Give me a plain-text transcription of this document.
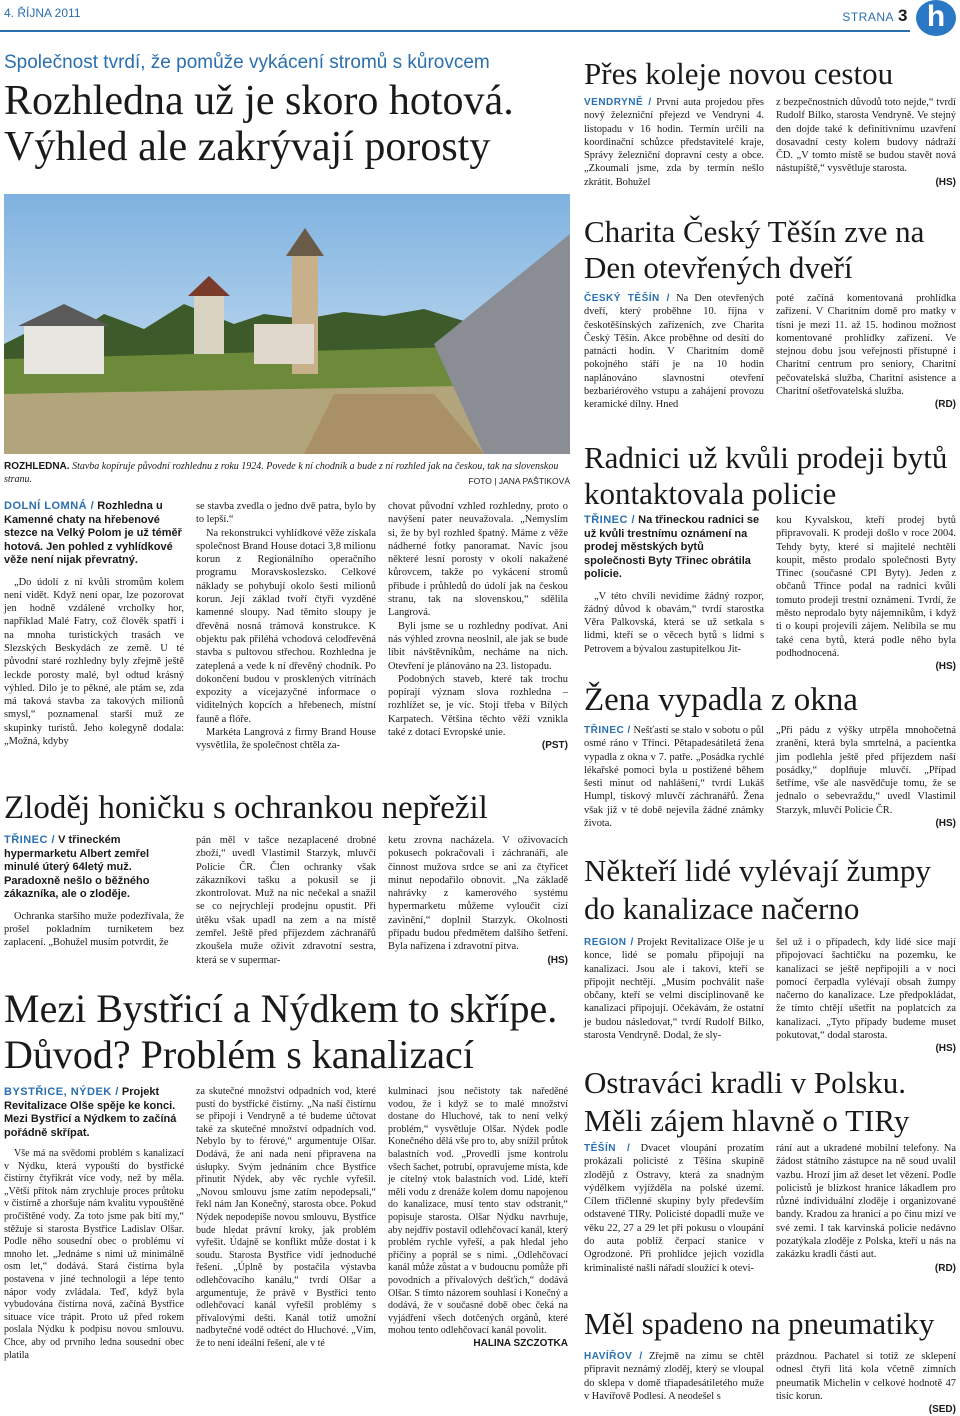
4. ŘÍJNA 2011	STRANA 3 h
Společnost tvrdí, že pomůže vykácení stromů s kůrovcem
Rozhledna už je skoro hotová. Výhled ale zakrývají porosty
ROZHLEDNA. Stavba kopíruje původní rozhlednu z roku 1924. Povede k ní chodník a bude z ní rozhled jak na českou, tak na slovenskou stranu.	FOTO | JANA PAŠTIKOVÁ
DOLNÍ LOMNÁ / Rozhledna u Kamenné chaty na hřebenové stezce na Velký Polom je už téměř hotová. Jen pohled z vyhlídkové věže není nijak převratný.

„Do údolí z ní kvůli stromům kolem není vidět. Když není opar, lze pozorovat jen hodně vzdálené vrcholky hor, například Malé Fatry, což člověk spatří i na mnoha turistických trasách ve Slezských Beskydách ze země. U té původní staré rozhledny byly zřejmě ještě leckde porosty malé, byl odtud krásný výhled. Dilo je to pěkné, ale ptám se, zda má taková stavba za takových milionů smysl,“ poznamenal starší muž ze skupinky turistů. Jeho kolegyně dodala: „Možná, kdyby

se stavba zvedla o jedno dvě patra, bylo by to lepší.“

Na rekonstrukci vyhlídkové věže získala společnost Brand House dotaci 3,8 milionu korun z Regionálního operačního programu Moravskoslezsko. Celkové náklady se pohybují okolo šesti milionů korun. Její základ tvoří čtyři vyzděné kamenné sloupy. Nad těmito sloupy je dřevěná nosná trámová konstrukce. K objektu pak přiléhá vchodová celodřevěná stavba s pultovou střechou. Rozhledna je zateplená a vede k ní dřevěný chodník. Po dokončení budou v prosklených vitrínách expozity a vícejazyčné informace o viditelných kopcích a hřebenech, místní fauně a flóře.

Markéta Langrová z firmy Brand House vysvětlila, že společnost chtěla za-

chovat původní vzhled rozhledny, proto o navýšení pater neuvažovala. „Nemyslím si, že by byl rozhled špatný. Máme z věže nádherné fotky panoramat. Navíc jsou některé lesní porosty v okolí nakažené kůrovcem, takže po vykácení stromů přibude i průhledů do údolí jak na českou stranu, tak na slovenskou,“ sdělila Langrová.

Byli jsme se u rozhledny podívat. Ani nás výhled zrovna neoslnil, ale jak se bude líbit návštěvníkům, necháme na nich. Otevření je plánováno na 23. listopadu.

Podobných staveb, které tak trochu popírají význam slova rozhledna – rozhlížet se, je víc. Stojí třeba v Bílých Karpatech. Většina těchto věží vznikla také z dotací Evropské unie.

(PST)
Zloděj honičku s ochrankou nepřežil
TŘINEC / V třineckém hypermarketu Albert zemřel minulé úterý 64letý muž. Paradoxně nešlo o běžného zákazníka, ale o zloděje.

Ochranka staršího muže podezřívala, že prošel pokladním turniketem bez zaplacení. „Bohužel musím potvrdit, že

pán měl v tašce nezaplacené drobné zboží,“ uvedl Vlastimil Starzyk, mluvčí Policie ČR. Člen ochranky však zákazníkovi tašku a pokusil se ji zkontrolovat. Muž na nic nečekal a snažil se co nejrychleji prodejnu opustit. Při útěku však upadl na zem a na místě zemřel. Ještě před příjezdem záchranářů zkoušela muže oživit zdravotní sestra, která se v supermar-

ketu zrovna nacházela. V oživovacích pokusech pokračovali i záchranáři, ale činnost mužova srdce se ani za čtyřicet minut nepodařilo obnovit. „Na základě nahrávky z kamerového systému hypermarketu můžeme vyloučit cizí zavinění,“ doplnil Starzyk. Okolnosti případu budou předmětem dalšího šetření. Byla nařízena i zdravotní pitva.

(HS)
Mezi Bystřicí a Nýdkem to skřípe.
Důvod? Problém s kanalizací
BYSTŘICE, NÝDEK / Projekt Revitalizace Olše spěje ke konci. Mezi Bystřicí a Nýdkem to začíná pořádně skřípat.

Vše má na svědomí problém s kanalizací v Nýdku, která vypouští do bystřické čistírny čtyřikrát více vody, než by měla. „Větší přítok nám zrychluje proces průtoku v čistírně a zhoršuje nám kvalitu vypouštěné pročištěné vody. Za toto jsme pak bití my,“ stěžuje si starosta Bystřice Ladislav Olšar. Podle něho sousední obec o problému ví mnoho let. „Jednáme s nimi už minimálně osm let,“ dodává. Stará čistírna byla postavena v jiné technologii a lépe tento nápor vody zvládala. Teď, když byla vybudována čistírna nová, začíná Bystřice situace více trápit. Proto už před rokem poslala Nýdku k podpisu novou smlouvu. Chce, aby od prvního ledna sousední obec platila

za skutečné množství odpadních vod, které pustí do bystřické čistírny. „Na naší čistírnu se připojí i Vendryně a té budeme účtovat také za skutečné množství odpadních vod. Nebylo by to férové,“ argumentuje Olšar. Dodává, že ani nada není připravena na úsłupky. Svým jednáním chce Bystřice přinutit Nýdek, aby věc rychle vyřešil. „Novou smlouvu jsme zatím nepodepsali,“ řekl nám Jan Konečný, starosta obce. Pokud Nýdek nepodepíše novou smlouvu, Bystřice bude hledat právní kroky, jak problém vyřešit. Údajně se konflikt může dostat i k soudu. Starosta Bystřice vidí jednoduché řešení. „Úplně by postačila výstavba odlehčovacího kanálu,“ tvrdí Olšar a argumentuje, že právě v Bystřici tento odlehčovací kanál vyřešil problémy s přívalovými dešti. Kanál totiž umožní nadbytečné vodě odtéct do Hluchové. „Vím, že to není ideální řešení, ale v té

kulminaci jsou nečistoty tak naředěné vodou, že i když se to malé množství dostane do Hluchové, tak to není velký problém,“ vysvětluje Olšar. Nýdek podle Konečného dělá vše pro to, aby snížil průtok balastních vod. „Provedli jsme kontrolu všech šachet, potrubí, opravujeme místa, kde je cítelný vtok balastních vod. Lidé, kteří měli vodu z drenáže kolem domu napojenou do kanalizace, musí tento stav odstranit,“ popisuje starosta. Olšar Nýdku navrhuje, aby nejdřív postavil odlehčovací kanál, který problém rychle vyřeší, a pak hledal jeho příčiny a poprál se s nimi. „Odlehčovací kanál může zůstat a v budoucnu pomůže při povodních a přívalových dešťích,“ dodává Olšar. S tímto názorem souhlasí i Konečný a dodává, že v současné době obec čeká na vyjádření všech dotčených orgánů, které mohou tento odlehčovací kanál povolit.

HALINA SZCZOTKA
Přes koleje novou cestou

VENDRYNĚ / První auta projedou přes nový železniční přejezd ve Vendryni 4. listopadu v 16 hodin. Termín určili na koordinační schůzce představitelé kraje, Správy železniční dopravní cesty a obce. „Zkoumali jsme, zda by termín nešlo zkrátit. Bohužel

z bezpečnostních důvodů toto nejde,“ tvrdí Rudolf Bilko, starosta Vendryně. Ve stejný den dojde také k definitivnímu uzavření dosavadní cesty kolem budovy nádraží ČD. „V tomto místě se budou stavět nová nástupiště,“ vysvětluje starosta.

(HS)
Charita Český Těšín zve na Den otevřených dveří

ČESKÝ TĚŠÍN / Na Den otevřených dveří, který proběhne 10. října v českotěšínských zařízeních, zve Charita Český Těšín. Akce proběhne od desíti do patnácti hodin. V Charitním domě pokojného stáří je na 10 hodin naplánováno slavnostní otevření bezbariérového vstupu a zahájení provozu keramické dílny. Hned

poté začíná komentovaná prohlídka zařízení. V Charitním domě pro matky v tísni je mezi 11. až 15. hodinou možnost komentované prohlídky zařízení. Ve stejnou dobu jsou veřejnosti přístupné i Charitní centrum pro seniory, Charitní pečovatelská služba, Charitní asistence a Charitní ošetřovatelská služba.

(RD)
Radnici už kvůli prodeji bytů kontaktovala policie
TŘINEC / Na třineckou radnici se už kvůli trestnímu oznámení na prodej městských bytů společnosti Byty Třinec obrátila policie.

„V této chvíli nevidíme žádný rozpor, žádný důvod k obavám,“ tvrdí starostka Věra Palkovská, která se už setkala s lidmi, kteří se o věcech bytů s lidmi s Petrovem a bývalou zastupitelkou Jit-

kou Kyvalskou, kteří prodej bytů připravovali. K prodeji došlo v roce 2004. Tehdy byty, které si majitelé nechtěli koupit, město prodalo společnosti Byty Třinec (současné CPI Byty). Jeden z občanů Třince podal na radnici kvůli tomuto prodeji trestní oznámení. Tvrdí, že město neprodalo byty nájemníkům, i když ti o koupi projevili zájem. Nelíbila se mu také cena bytů, která podle něho byla podhodnocená.

(HS)
Žena vypadla z okna

TŘINEC / Nešťastí se stalo v sobotu o půl osmé ráno v Třinci. Pětapadesátiletá žena vypadla z okna v 7. patře. „Posádka rychlé lékařské pomoci byla u postižené během šesti minut od nahlášení,“ tvrdí Lukáš Humpl, tiskový mluvčí záchranářů. Žena však již v té době nejevila žádné známky života.

„Při pádu z výšky utrpěla mnohočetná zranění, která byla smrtelná, a pacientka jim podlehla ještě před příjezdem naší posádky,“ doplňuje mluvčí. „Případ šetříme, vše ale nasvědčuje tomu, že se jednalo o sebevraždu,“ uvedl Vlastimil Starzyk, mluvčí Policie ČR.

(HS)
Někteří lidé vylévají žumpy do kanalizace načerno

REGION / Projekt Revitalizace Olše je u konce, lidé se pomalu připojují na kanalizaci. Jsou ale i takoví, kteří se připojit nechtějí. „Musím pochválit naše občany, kteří se velmi disciplinovaně ke kanalizaci připojují. Očekávám, že ostatní je budou následovat,“ tvrdí Rudolf Bilko, starosta Vendryně. Dodal, že sly-

šel už i o případech, kdy lidé sice mají připojovací šachtičku na pozemku, ke kanalizaci se ještě nepřipojili a v noci pomocí čerpadla vylévají obsah žumpy načerno do kanalizace. Lze předpokládat, že tímto chtějí ušetřit na poplatcích za kanalizaci. „Tyto případy budeme muset pokutovat,“ dodal starosta.

(HS)
Ostraváci kradli v Polsku. Měli zájem hlavně o TIRy

TĚŠÍN / Dvacet vloupání prozatím prokázali policisté z Těšína skupině zlodějů z Ostravy, která za snadným výdělkem vyjížděla na polské území. Cílem třičlenné skupiny byly především odstavené TIRy. Policisté dopadli muže ve věku 22, 27 a 29 let při pokusu o vloupání do auta poblíž čerpací stanice v Ogrodzoné. Při prohlídce jejich vozidla kriminalisté našli nářadí sloužící k otevi-

rání aut a ukradené mobilní telefony. Na žádost státního zástupce na ně soud uvalil vazbu. Hrozí jim až deset let vězení. Podle policistů je blízkost hranice lákadlem pro různé individuální zloděje i organizované bandy. Kradou za hranicí a po činu mizí ve své zemi. I tak karvinská policie nedávno pozatýkala zloděje z Polska, kteří u nás na zakázku kradli části aut.

(RD)
Měl spadeno na pneumatiky

HAVÍŘOV / Zřejmě na zimu se chtěl připravit neznámý zloděj, který se vloupal do sklepa v domě třiapadesátiletého muže v Havířově Podlesí. A neodešel s

prázdnou. Pachatel si totiž ze sklepení odnesl čtyři litá kola včetně zimních pneumatik Michelin v celkové hodnotě 47 tisíc korun.

(SED)
